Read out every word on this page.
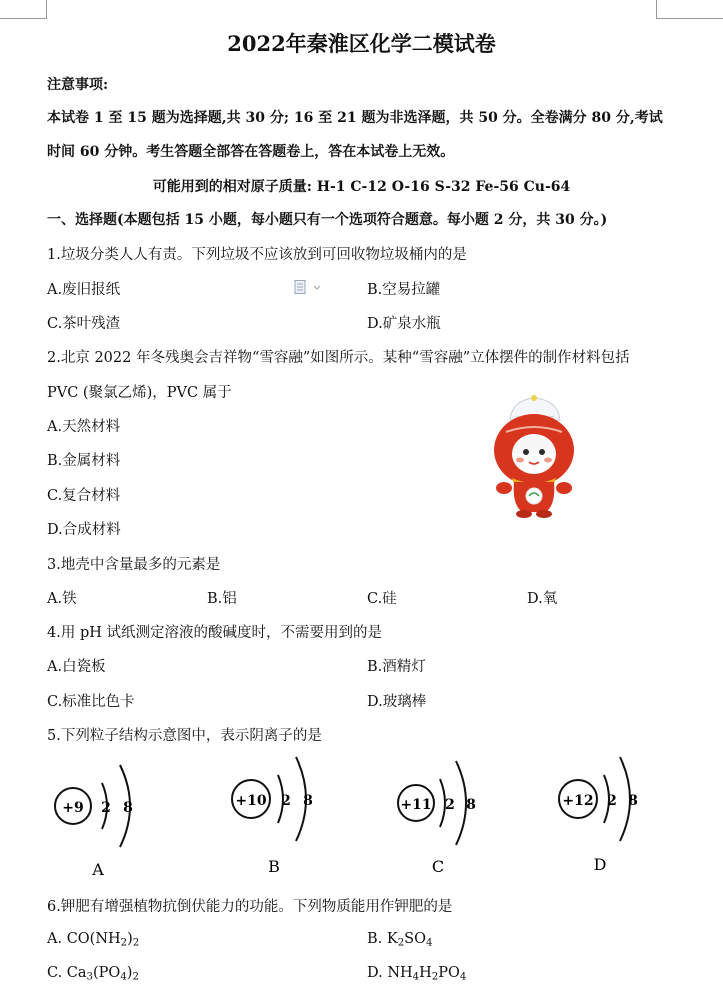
2022年秦淮区化学二模试卷
注意事项:
本试卷 1 至 15 题为选择题,共 30 分; 16 至 21 题为非选泽题，共 50 分。全卷满分 80 分,考试
时间 60 分钟。考生答题全部答在答题卷上，答在本试卷上无效。
可能用到的相对原子质量: H-1 C-12 O-16 S-32 Fe-56 Cu-64
一、选择题(本题包括 15 小题，每小题只有一个选项符合题意。每小题 2 分，共 30 分。)
1.垃圾分类人人有责。下列垃圾不应该放到可回收物垃圾桶内的是
A.废旧报纸	B.空易拉罐
C.茶叶残渣	D.矿泉水瓶
2.北京 2022 年冬残奥会吉祥物“雪容融”如图所示。某种“雪容融”立体摆件的制作材料包括
PVC (聚氯乙烯)，PVC 属于
A.天然材料
B.金属材料
C.复合材料
D.合成材料
3.地壳中含量最多的元素是
A.铁	B.铝	C.硅	D.氧
4.用 pH 试纸测定溶液的酸碱度时，不需要用到的是
A.白瓷板	B.酒精灯
C.标准比色卡	D.玻璃棒
5.下列粒子结构示意图中，表示阴离子的是
+9 2 8
A
+10 2 8
B
+11 2 8
C
+12 2 8
D
6.钾肥有增强植物抗倒伏能力的功能。下列物质能用作钾肥的是
A. $CO(NH_2)_2$	B. $K_2SO_4$
C. $Ca_3(PO_4)_2$	D. $NH_4H_2PO_4$
